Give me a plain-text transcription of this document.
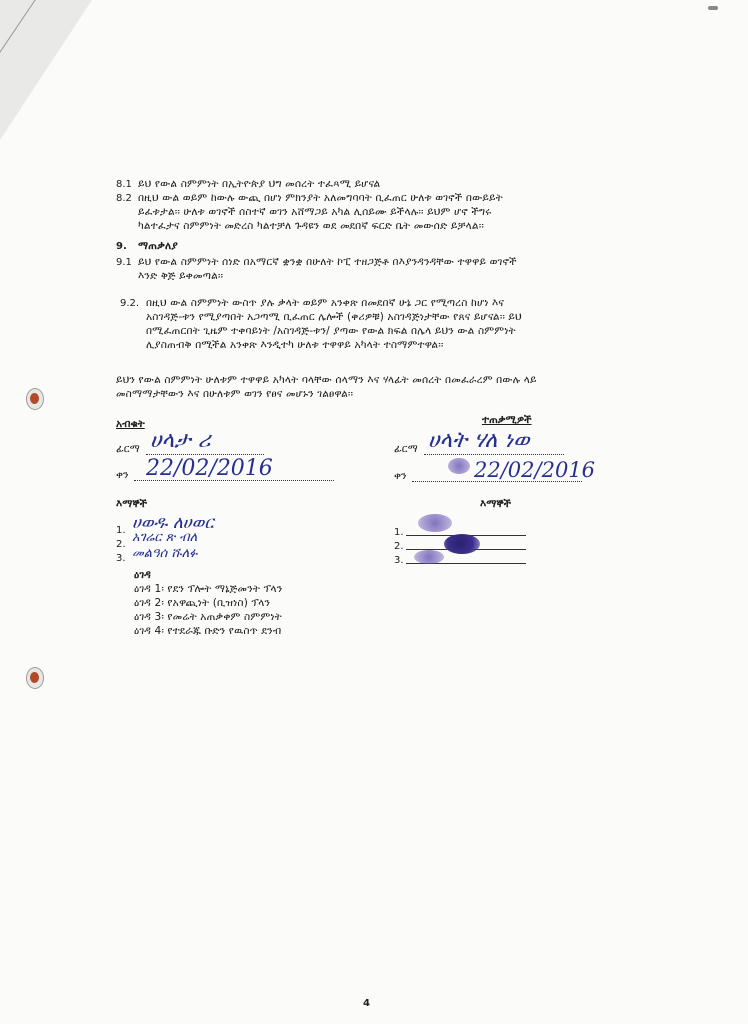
8.1 ይህ የውል ስምምነት በኢትዮጵያ ህግ መሰረት ተፈጻሚ ይሆናል
8.2 በዚህ ውል ወይም ከውሉ ውጪ በሆነ ምክንያት አለመግባባት ቢፈጠር ሁለቱ ወገኖች በውይይት
ይፈቱታል፡፡ ሁለቱ ወገኖች ሰስተኛ ወገን አሸማጋይ አካል ሊሰይሙ ይችላሉ፡፡ ይህም ሆኖ ችግሩ
ካልተፈታና ስምምነት መድረስ ካልተቻለ ጉዳዩን ወደ መደበኛ ፍርድ ቤት መውሰድ ይቻላል፡፡
9. ማጠቃለያ
9.1 ይህ የውል ስምምነት ሰነድ በአማርኛ ቋንቋ በሁለት ኮፒ ተዘጋጅቶ በእያንዳንዳቸው ተዋዋይ ወገኖች
እንድ ቅጅ ይቀመጣል፡፡
9.2. በዚህ ውል ስምምነት ውስጥ ያሉ ቃላት ወይም አንቀጽ በመደበኛ ሁኔ ጋር የሚጣረስ ከሆነ እና
አስገዳጅ-ቱን የሚያጣበት አጋጣሚ ቢፈጠር ሌሎች (ቀሪዎቹ) አስገዳጅነታቸው የጸና ይሆናል፡፡ ይህ
በሚፈጠርበት ጊዜም ተቀባይነት /አስገዳጅ-ቱን/ ያጣው የውል ክፍል በሌላ ይህን ውል ስምምነት
ሊያስጠብቅ በሚችል አንቀጽ እንዲተካ ሁለቱ ተዋዋይ አካላት ተስማምተዋል፡፡
ይህን የውል ስምምነት ሁለቱም ተዋዋይ አካላት ባላቸው ሰላማን እና ሃላፊት መሰረት በመፈራረም በውሉ ላይ
መስማማታቸውን እና በሁለቱም ወገን የፀና መሆኑን ገልፀዋል፡፡
አብቁት
ፊርማ ሀላታ ሪ
ቀን 22/02/2016
እማኞች
1.
2.
3.
ሀወዱ ለሀወር
አገሬር ጽ ብለ
መልዓሰ ሹለፉ
ዕገዳ
ዕገዳ 1፡ የደን ፕሎት ማኔጅመንት ፕላን
ዕገዳ 2፡ የአዋጪነት (ቢዝነስ) ፕላን
ዕገዳ 3፡ የመሬት አጠቃቀም ስምምነት
ዕገዳ 4፡ የተደራጁ ቡድን የዉስጥ ደንብ
ተጠቃሚዎች
ፊርማ ሀላት ሃለ ነወ
ቀን	22/02/2016
እማኞች
1.
2.
3.
4
